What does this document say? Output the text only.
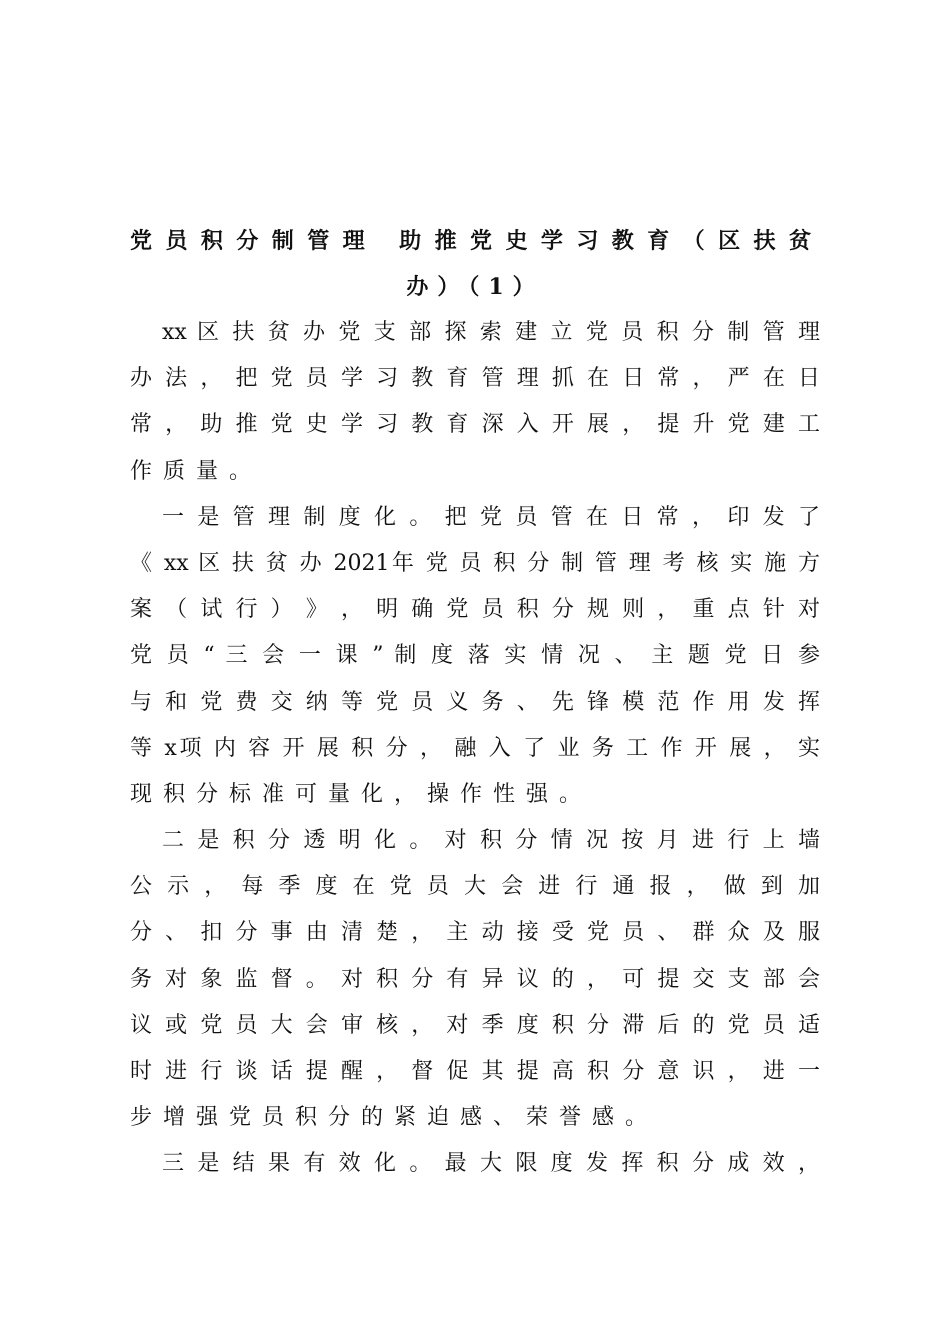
党员积分制管理 助推党史学习教育（区扶贫
办）（1）
xx 区 扶 贫 办 党 支 部 探 索 建 立 党 员 积 分 制 管 理
办 法 ， 把 党 员 学 习 教 育 管 理 抓 在 日 常 ， 严 在 日
常 ， 助 推 党 史 学 习 教 育 深 入 开 展 ， 提 升 党 建 工
作质量。
一 是 管 理 制 度 化 。 把 党 员 管 在 日 常 ， 印 发 了
《 xx 区 扶 贫 办 2021年 党 员 积 分 制 管 理 考 核 实 施 方
案 （ 试 行 ） 》 ， 明 确 党 员 积 分 规 则 ， 重 点 针 对
党 员 “ 三 会 一 课 ” 制 度 落 实 情 况 、 主 题 党 日 参
与 和 党 费 交 纳 等 党 员 义 务 、 先 锋 模 范 作 用 发 挥
等 x项 内 容 开 展 积 分 ， 融 入 了 业 务 工 作 开 展 ， 实
现积分标准可量化，操作性强。
二 是 积 分 透 明 化 。 对 积 分 情 况 按 月 进 行 上 墙
公 示 ， 每 季 度 在 党 员 大 会 进 行 通 报 ， 做 到 加
分 、 扣 分 事 由 清 楚 ， 主 动 接 受 党 员 、 群 众 及 服
务 对 象 监 督 。 对 积 分 有 异 议 的 ， 可 提 交 支 部 会
议 或 党 员 大 会 审 核 ， 对 季 度 积 分 滞 后 的 党 员 适
时 进 行 谈 话 提 醒 ， 督 促 其 提 高 积 分 意 识 ， 进 一
步增强党员积分的紧迫感、荣誉感。
三 是 结 果 有 效 化 。 最 大 限 度 发 挥 积 分 成 效 ，
